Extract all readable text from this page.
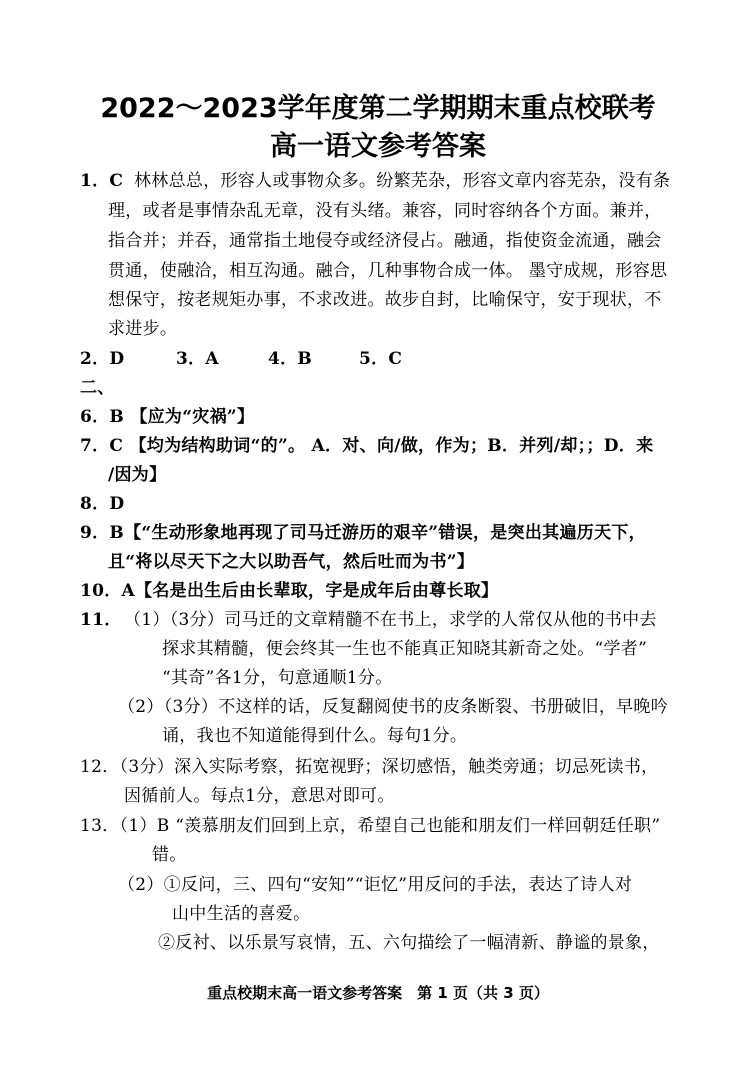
2022～2023学年度第二学期期末重点校联考
高一语文参考答案
1．C 林林总总，形容人或事物众多。纷繁芜杂，形容文章内容芜杂，没有条
理，或者是事情杂乱无章，没有头绪。兼容，同时容纳各个方面。兼并，
指合并；并吞，通常指土地侵夺或经济侵占。融通，指使资金流通，融会
贯通，使融洽，相互沟通。融合，几种事物合成一体。 墨守成规，形容思
想保守，按老规矩办事，不求改进。故步自封，比喻保守，安于现状，不
求进步。
2．D	3．A	4．B	5．C
二、
6．B 【应为“灾祸”】
7．C 【均为结构助词“的”。 A．对、向/做，作为；B．并列/却；；D．来
/因为】
8．D
9．B【“生动形象地再现了司马迁游历的艰辛”错误，是突出其遍历天下，
且“将以尽天下之大以助吾气，然后吐而为书”】
10．A【名是出生后由长辈取，字是成年后由尊长取】
11． （1）（3分）司马迁的文章精髓不在书上，求学的人常仅从他的书中去
探求其精髓，便会终其一生也不能真正知晓其新奇之处。“学者”
“其奇”各1分，句意通顺1分。
（2）（3分）不这样的话，反复翻阅使书的皮条断裂、书册破旧，早晚吟
诵，我也不知道能得到什么。每句1分。
12．（3分）深入实际考察，拓宽视野；深切感悟，触类旁通；切忌死读书，
因循前人。每点1分，意思对即可。
13．（1）B “羡慕朋友们回到上京，希望自己也能和朋友们一样回朝廷任职”
错。
（2）①反问，三、四句“安知”“讵忆”用反问的手法，表达了诗人对
山中生活的喜爱。
②反衬、以乐景写哀情，五、六句描绘了一幅清新、静谧的景象，
重点校期末高一语文参考答案　第 1 页（共 3 页）
